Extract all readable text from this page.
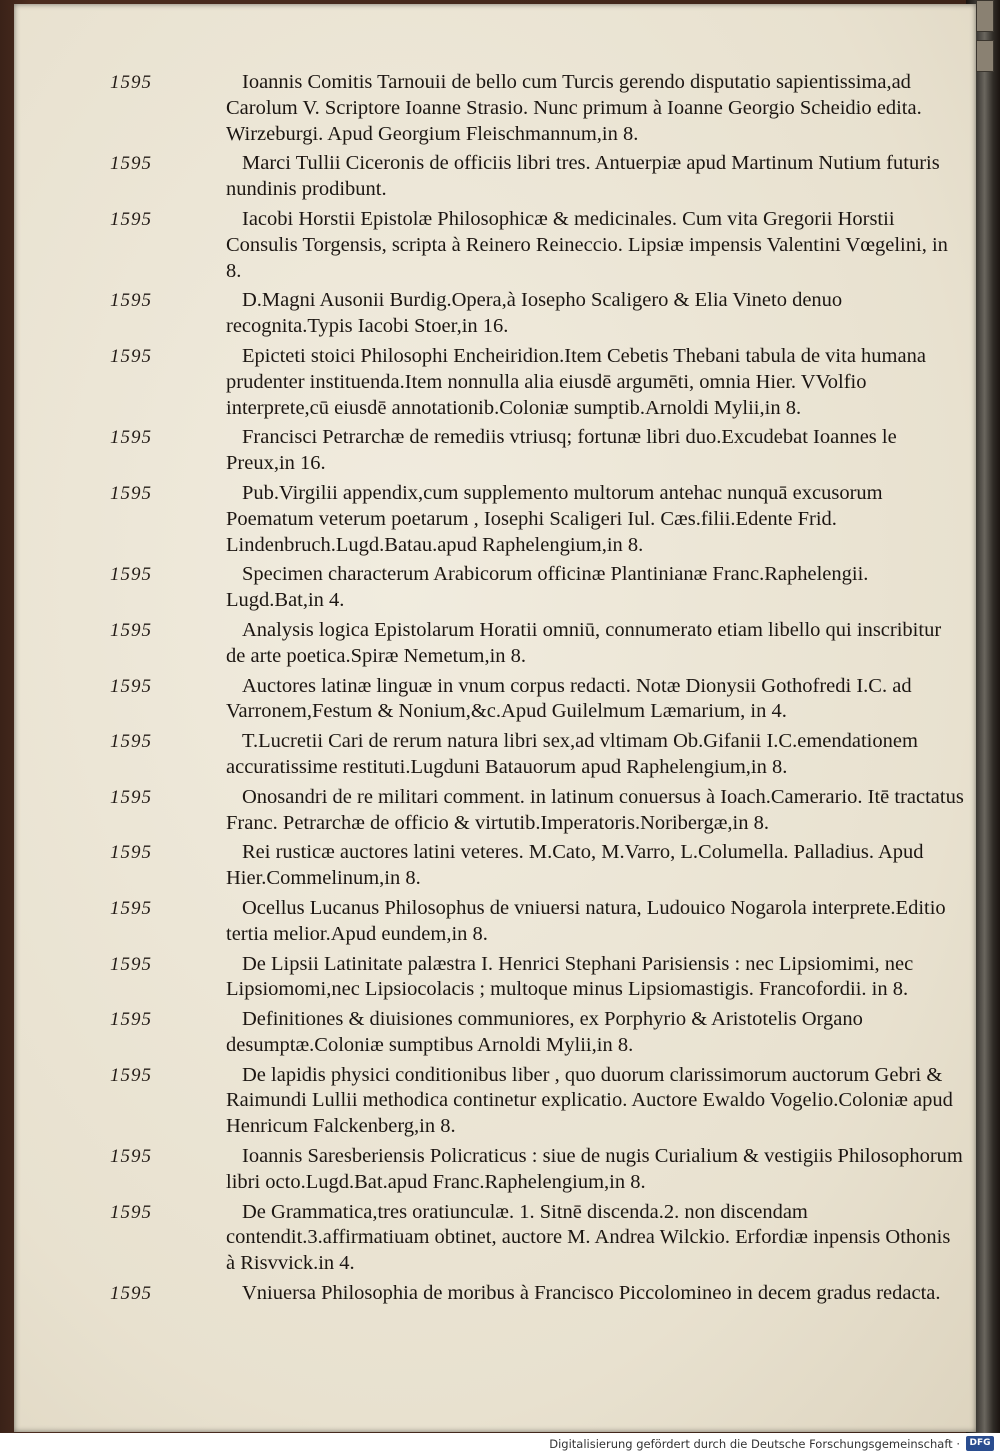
1595	Ioannis Comitis Tarnouii de bello cum Turcis gerendo disputatio sapientissima,ad Carolum V. Scriptore Ioanne Strasio. Nunc primum à Ioanne Georgio Scheidio edita. Wirzeburgi. Apud Georgium Fleischmannum,in 8.
1595	Marci Tullii Ciceronis de officiis libri tres. Antuerpiæ apud Martinum Nutium futuris nundinis prodibunt.
1595	Iacobi Horstii Epistolæ Philosophicæ & medicinales. Cum vita Gregorii Horstii Consulis Torgensis, scripta à Reinero Reineccio. Lipsiæ impensis Valentini Vœgelini, in 8.
1595	D.Magni Ausonii Burdig.Opera,à Iosepho Scaligero & Elia Vineto denuo recognita.Typis Iacobi Stoer,in 16.
1595	Epicteti stoici Philosophi Encheiridion.Item Cebetis Thebani tabula de vita humana prudenter instituenda.Item nonnulla alia eiusdē argumēti, omnia Hier. VVolfio interprete,cū eiusdē annotationib.Coloniæ sumptib.Arnoldi Mylii,in 8.
1595	Francisci Petrarchæ de remediis vtriusq; fortunæ libri duo.Excudebat Ioannes le Preux,in 16.
1595	Pub.Virgilii appendix,cum supplemento multorum antehac nunquā excusorum Poematum veterum poetarum , Iosephi Scaligeri Iul. Cæs.filii.Edente Frid. Lindenbruch.Lugd.Batau.apud Raphelengium,in 8.
1595	Specimen characterum Arabicorum officinæ Plantinianæ Franc.Raphelengii. Lugd.Bat,in 4.
1595	Analysis logica Epistolarum Horatii omniū, connumerato etiam libello qui inscribitur de arte poetica.Spiræ Nemetum,in 8.
1595	Auctores latinæ linguæ in vnum corpus redacti. Notæ Dionysii Gothofredi I.C. ad Varronem,Festum & Nonium,&c.Apud Guilelmum Læmarium, in 4.
1595	T.Lucretii Cari de rerum natura libri sex,ad vltimam Ob.Gifanii I.C.emendationem accuratissime restituti.Lugduni Batauorum apud Raphelengium,in 8.
1595	Onosandri de re militari comment. in latinum conuersus à Ioach.Camerario. Itē tractatus Franc. Petrarchæ de officio & virtutib.Imperatoris.Noribergæ,in 8.
1595	Rei rusticæ auctores latini veteres. M.Cato, M.Varro, L.Columella. Palladius. Apud Hier.Commelinum,in 8.
1595	Ocellus Lucanus Philosophus de vniuersi natura, Ludouico Nogarola interprete.Editio tertia melior.Apud eundem,in 8.
1595	De Lipsii Latinitate palæstra I. Henrici Stephani Parisiensis : nec Lipsiomimi, nec Lipsiomomi,nec Lipsiocolacis ; multoque minus Lipsiomastigis. Francofordii. in 8.
1595	Definitiones & diuisiones communiores, ex Porphyrio & Aristotelis Organo desumptæ.Coloniæ sumptibus Arnoldi Mylii,in 8.
1595	De lapidis physici conditionibus liber , quo duorum clarissimorum auctorum Gebri & Raimundi Lullii methodica continetur explicatio. Auctore Ewaldo Vogelio.Coloniæ apud Henricum Falckenberg,in 8.
1595	Ioannis Saresberiensis Policraticus : siue de nugis Curialium & vestigiis Philosophorum libri octo.Lugd.Bat.apud Franc.Raphelengium,in 8.
1595	De Grammatica,tres oratiunculæ. 1. Sitnē discenda.2. non discendam contendit.3.affirmatiuam obtinet, auctore M. Andrea Wilckio. Erfordiæ inpensis Othonis à Risvvick.in 4.
1595	Vniuersa Philosophia de moribus à Francisco Piccolomineo in decem gradus redacta.
Digitalisierung gefördert durch die Deutsche Forschungsgemeinschaft ·	DFG
